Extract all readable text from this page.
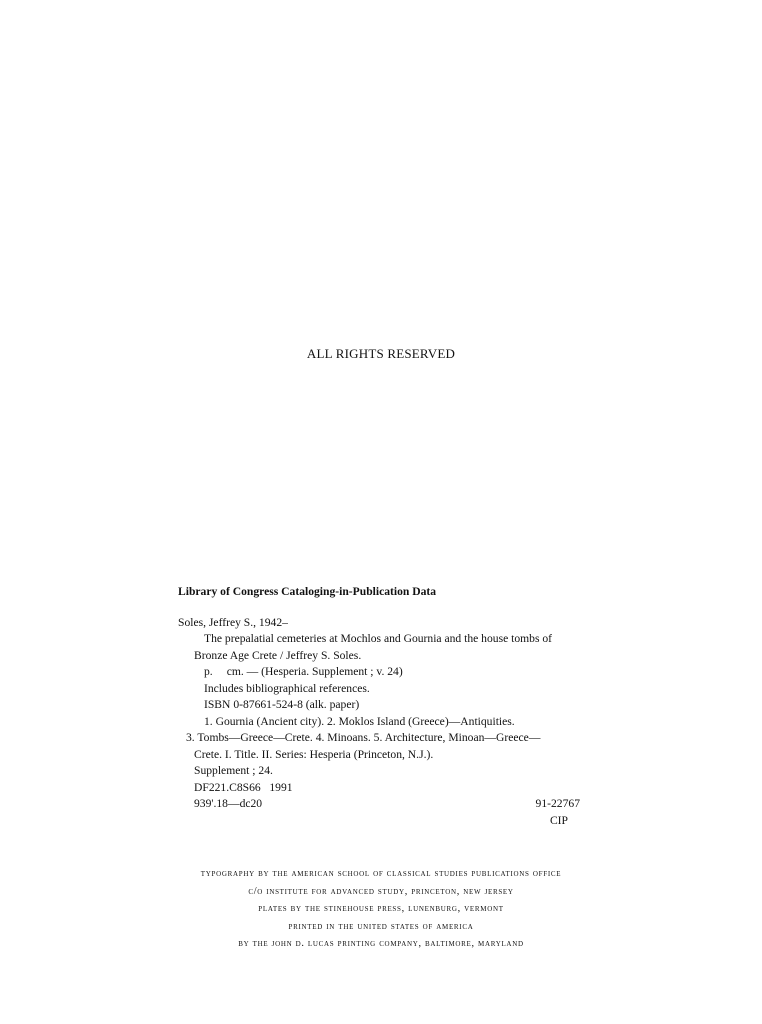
ALL RIGHTS RESERVED
Library of Congress Cataloging-in-Publication Data
Soles, Jeffrey S., 1942–
The prepalatial cemeteries at Mochlos and Gournia and the house tombs of
Bronze Age Crete / Jeffrey S. Soles.
p. cm. — (Hesperia. Supplement ; v. 24)
Includes bibliographical references.
ISBN 0-87661-524-8 (alk. paper)
1. Gournia (Ancient city). 2. Moklos Island (Greece)—Antiquities.
3. Tombs—Greece—Crete. 4. Minoans. 5. Architecture, Minoan—Greece—
Crete. I. Title. II. Series: Hesperia (Princeton, N.J.).
Supplement ; 24.
DF221.C8S66   1991
939'.18—dc20	91-22767
CIP
typography by the american school of classical studies publications office
c/o institute for advanced study, princeton, new jersey
plates by the stinehouse press, lunenburg, vermont
printed in the united states of america
by the john d. lucas printing company, baltimore, maryland
